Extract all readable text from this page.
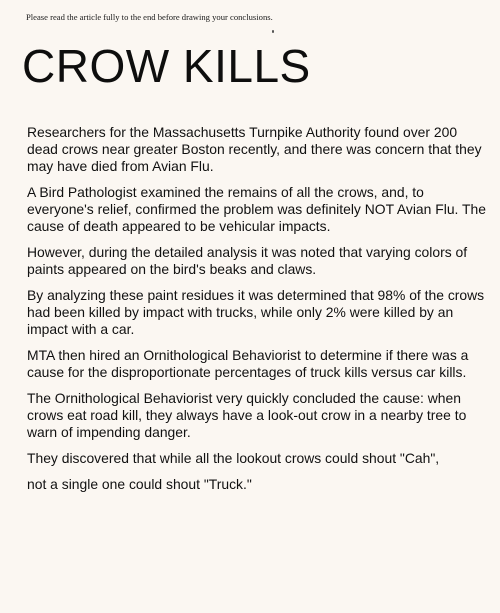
Please read the article fully to the end before drawing your conclusions.
CROW KILLS

Researchers for the Massachusetts Turnpike Authority found over 200 dead crows near greater Boston recently, and there was concern that they may have died from Avian Flu.

A Bird Pathologist examined the remains of all the crows, and, to everyone's relief, confirmed the problem was definitely NOT Avian Flu. The cause of death appeared to be vehicular impacts.

However, during the detailed analysis it was noted that varying colors of paints appeared on the bird's beaks and claws.

By analyzing these paint residues it was determined that 98% of the crows had been killed by impact with trucks, while only 2% were killed by an impact with a car.

MTA then hired an Ornithological Behaviorist to determine if there was a cause for the disproportionate percentages of truck kills versus car kills.

The Ornithological Behaviorist very quickly concluded the cause: when crows eat road kill, they always have a look-out crow in a nearby tree to warn of impending danger.

They discovered that while all the lookout crows could shout "Cah",

not a single one could shout "Truck."
